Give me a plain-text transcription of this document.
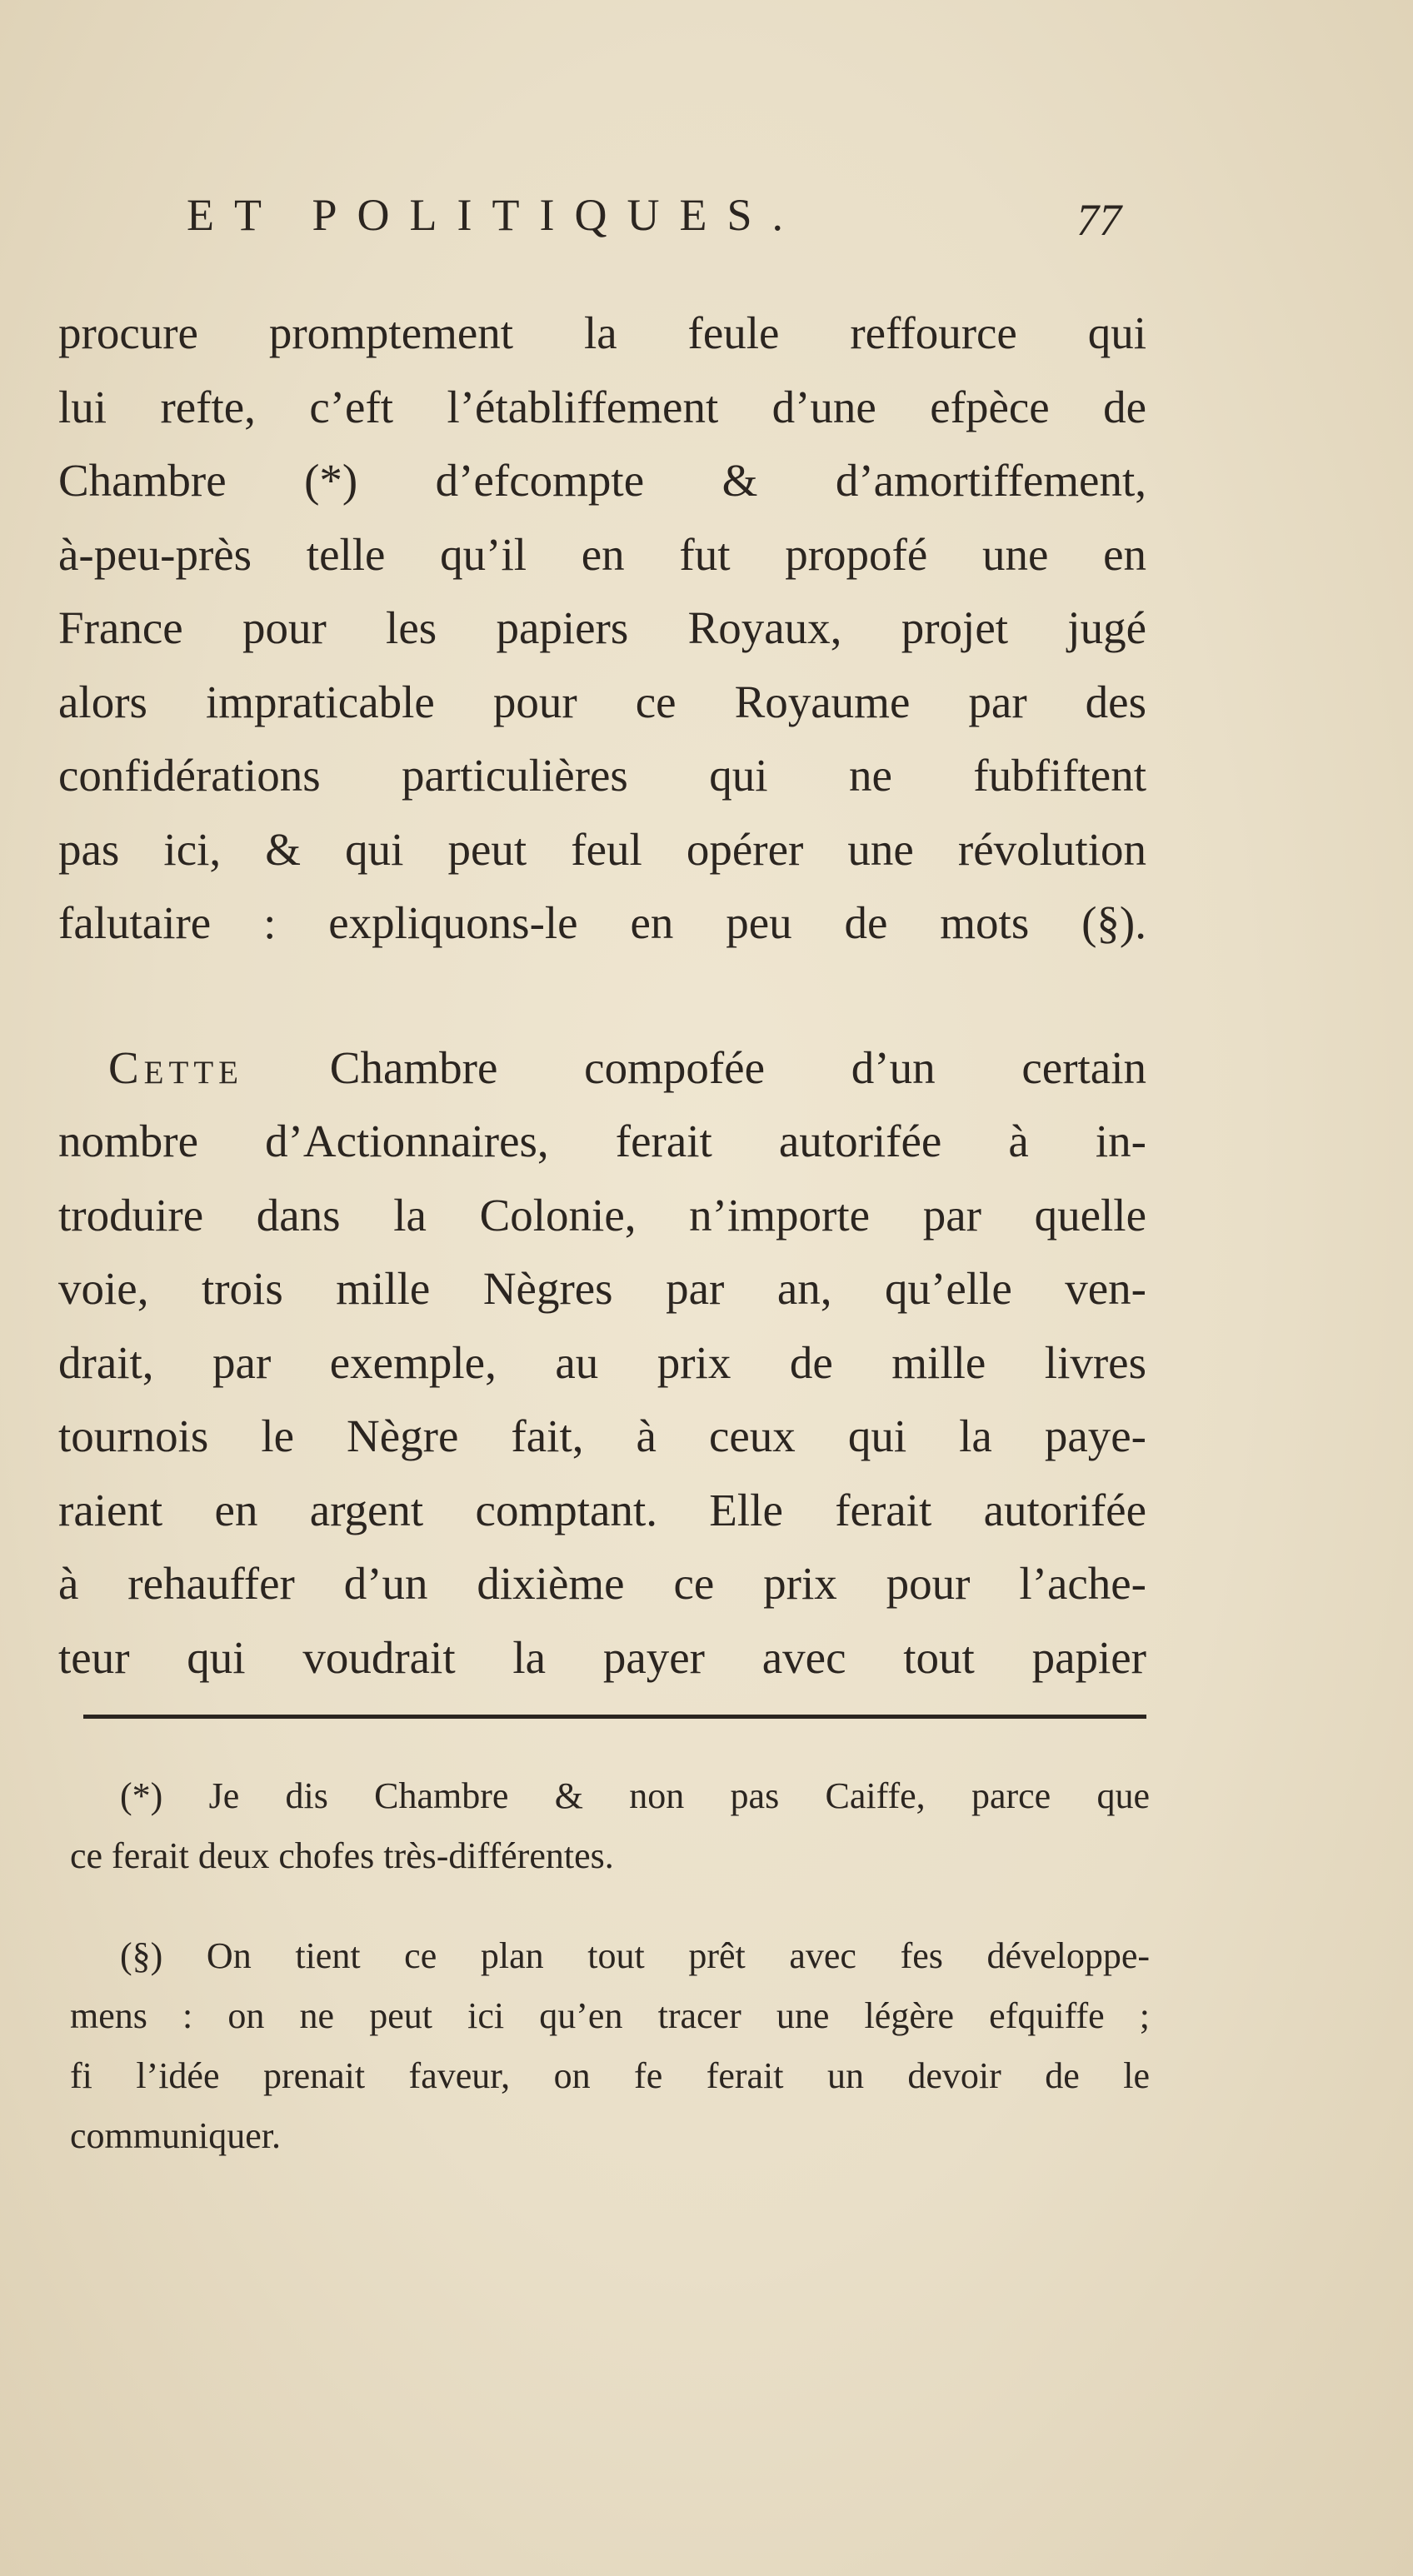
ET POLITIQUES.	77
procure promptement la feule reffource qui
lui refte, c’eft l’établiffement d’une efpèce de
Chambre (*) d’efcompte & d’amortiffement,
à-peu-près telle qu’il en fut propofé une en
France pour les papiers Royaux, projet jugé
alors impraticable pour ce Royaume par des
confidérations particulières qui ne fubfiftent
pas ici, & qui peut feul opérer une révolution
falutaire : expliquons-le en peu de mots (§).
Cette Chambre compofée d’un certain
nombre d’Actionnaires, ferait autorifée à in-
troduire dans la Colonie, n’importe par quelle
voie, trois mille Nègres par an, qu’elle ven-
drait, par exemple, au prix de mille livres
tournois le Nègre fait, à ceux qui la paye-
raient en argent comptant. Elle ferait autorifée
à rehauffer d’un dixième ce prix pour l’ache-
teur qui voudrait la payer avec tout papier
(*) Je dis Chambre & non pas Caiffe, parce que
ce ferait deux chofes très-différentes.
(§) On tient ce plan tout prêt avec fes développe-
mens : on ne peut ici qu’en tracer une légère efquiffe ;
fi l’idée prenait faveur, on fe ferait un devoir de le
communiquer.
